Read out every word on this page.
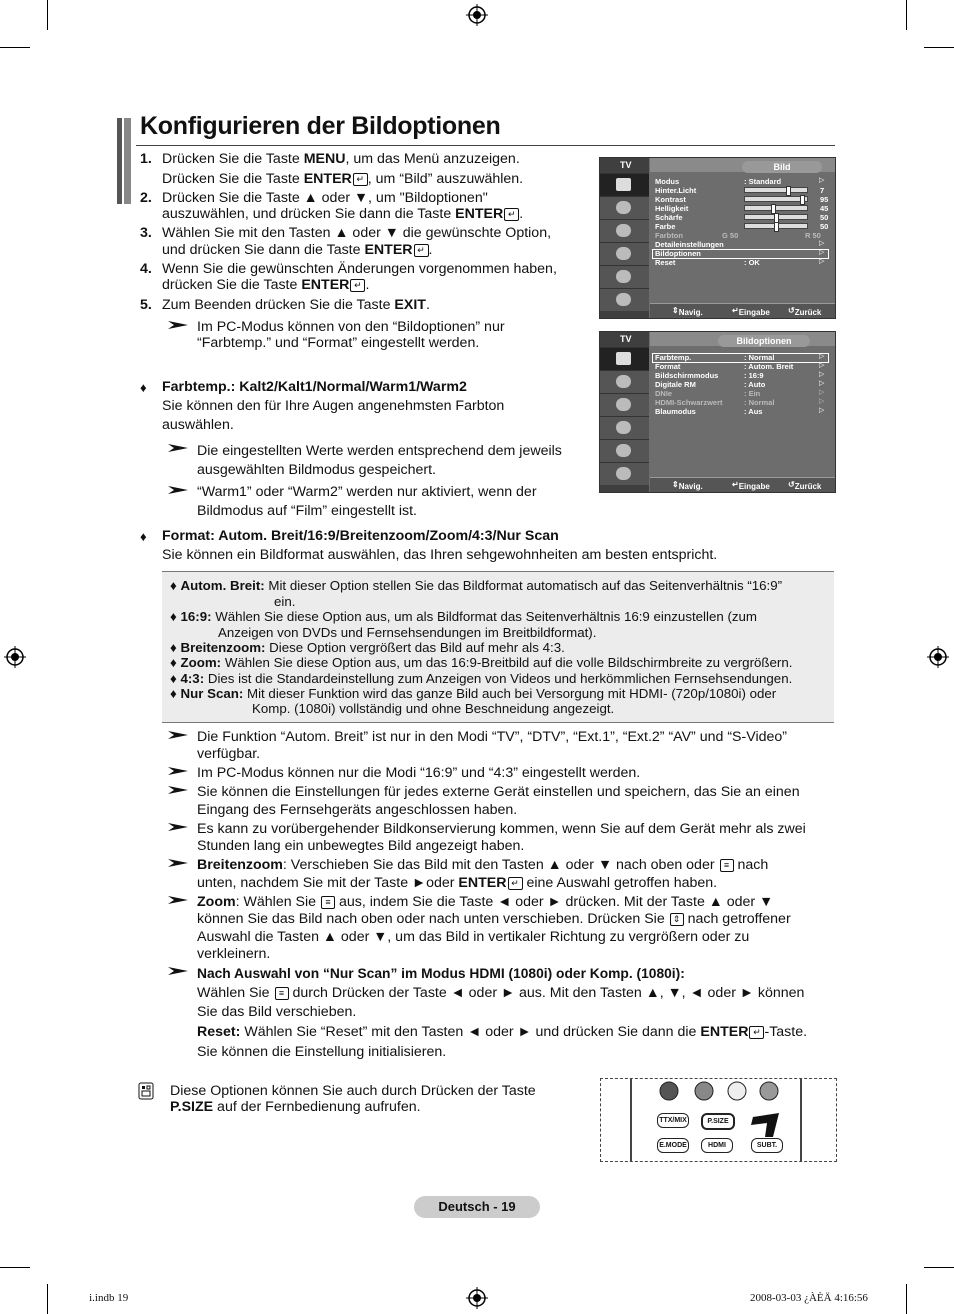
Konfigurieren der Bildoptionen
1. Drücken Sie die Taste MENU, um das Menü anzuzeigen.
Drücken Sie die Taste ENTER ↵ , um “Bild” auszuwählen.
2. Drücken Sie die Taste ▲ oder ▼, um "Bildoptionen"
auszuwählen, und drücken Sie dann die Taste ENTER ↵ .
3. Wählen Sie mit den Tasten ▲ oder ▼ die gewünschte Option,
und drücken Sie dann die Taste ENTER ↵ .
4. Wenn Sie die gewünschten Änderungen vorgenommen haben,
drücken Sie die Taste ENTER ↵ .
5. Zum Beenden drücken Sie die Taste EXIT.
Im PC-Modus können von den “Bildoptionen” nur
“Farbtemp.” und “Format” eingestellt werden.
♦ Farbtemp.: Kalt2/Kalt1/Normal/Warm1/Warm2
Sie können den für Ihre Augen angenehmsten Farbton
auswählen.
Die eingestellten Werte werden entsprechend dem jeweils
ausgewählten Bildmodus gespeichert.
“Warm1” oder “Warm2” werden nur aktiviert, wenn der
Bildmodus auf “Film” eingestellt ist.
♦ Format: Autom. Breit/16:9/Breitenzoom/Zoom/4:3/Nur Scan
Sie können ein Bildformat auswählen, das Ihren sehgewohnheiten am besten entspricht.
♦ Autom. Breit: Mit dieser Option stellen Sie das Bildformat automatisch auf das Seitenverhältnis “16:9”
ein.
♦ 16:9: Wählen Sie diese Option aus, um als Bildformat das Seitenverhältnis 16:9 einzustellen (zum
Anzeigen von DVDs und Fernsehsendungen im Breitbildformat).
♦ Breitenzoom: Diese Option vergrößert das Bild auf mehr als 4:3.
♦ Zoom: Wählen Sie diese Option aus, um das 16:9-Breitbild auf die volle Bildschirmbreite zu vergrößern.
♦ 4:3: Dies ist die Standardeinstellung zum Anzeigen von Videos und herkömmlichen Fernsehsendungen.
♦ Nur Scan: Mit dieser Funktion wird das ganze Bild auch bei Versorgung mit HDMI- (720p/1080i) oder
Komp. (1080i) vollständig und ohne Beschneidung angezeigt.
Die Funktion “Autom. Breit” ist nur in den Modi “TV”, “DTV”, “Ext.1”, “Ext.2” “AV” und “S-Video”
verfügbar.
Im PC-Modus können nur die Modi “16:9” und “4:3” eingestellt werden.
Sie können die Einstellungen für jedes externe Gerät einstellen und speichern, das Sie an einen
Eingang des Fernsehgeräts angeschlossen haben.
Es kann zu vorübergehender Bildkonservierung kommen, wenn Sie auf dem Gerät mehr als zwei
Stunden lang ein unbewegtes Bild angezeigt haben.
Breitenzoom: Verschieben Sie das Bild mit den Tasten ▲ oder ▼ nach oben oder ≡ nach
unten, nachdem Sie mit der Taste ►oder ENTER ↵ eine Auswahl getroffen haben.
Zoom: Wählen Sie ≡ aus, indem Sie die Taste ◄ oder ► drücken. Mit der Taste ▲ oder ▼
können Sie das Bild nach oben oder nach unten verschieben. Drücken Sie ⇕ nach getroffener
Auswahl die Tasten ▲ oder ▼, um das Bild in vertikaler Richtung zu vergrößern oder zu
verkleinern.
Nach Auswahl von “Nur Scan” im Modus HDMI (1080i) oder Komp. (1080i):
Wählen Sie ≡ durch Drücken der Taste ◄ oder ► aus. Mit den Tasten ▲, ▼, ◄ oder ► können
Sie das Bild verschieben.
Reset: Wählen Sie “Reset” mit den Tasten ◄ oder ► und drücken Sie dann die ENTER ↵ -Taste.
Sie können die Einstellung initialisieren.
Diese Optionen können Sie auch durch Drücken der Taste
P.SIZE auf der Fernbedienung aufrufen.
TV	Bild
Modus	: Standard	▷
Hinter.Licht	7
Kontrast	95
Helligkeit	45
Schärfe	50
Farbe	50
Farbton	G 50	R 50
Detaileinstellungen	▷
Bildoptionen	▷
Reset	: OK	▷
⇕ Navig.	↵ Eingabe ↺ Zurück
TV	Bildoptionen
Farbtemp.	: Normal	▷
Format	: Autom. Breit	▷
Bildschirmmodus	: 16:9	▷
Digitale RM	: Auto	▷
DNIe	: Ein	▷
HDMI-Schwarzwert	: Normal	▷
Blaumodus	: Aus	▷
⇕ Navig.	↵ Eingabe ↺ Zurück
TTX/MIX	P.SIZE
E.MODE	HDMI	SUBT.
Deutsch - 19
  i.indb 19	2008-03-03 ¿ÀÈÄ 4:16:56
